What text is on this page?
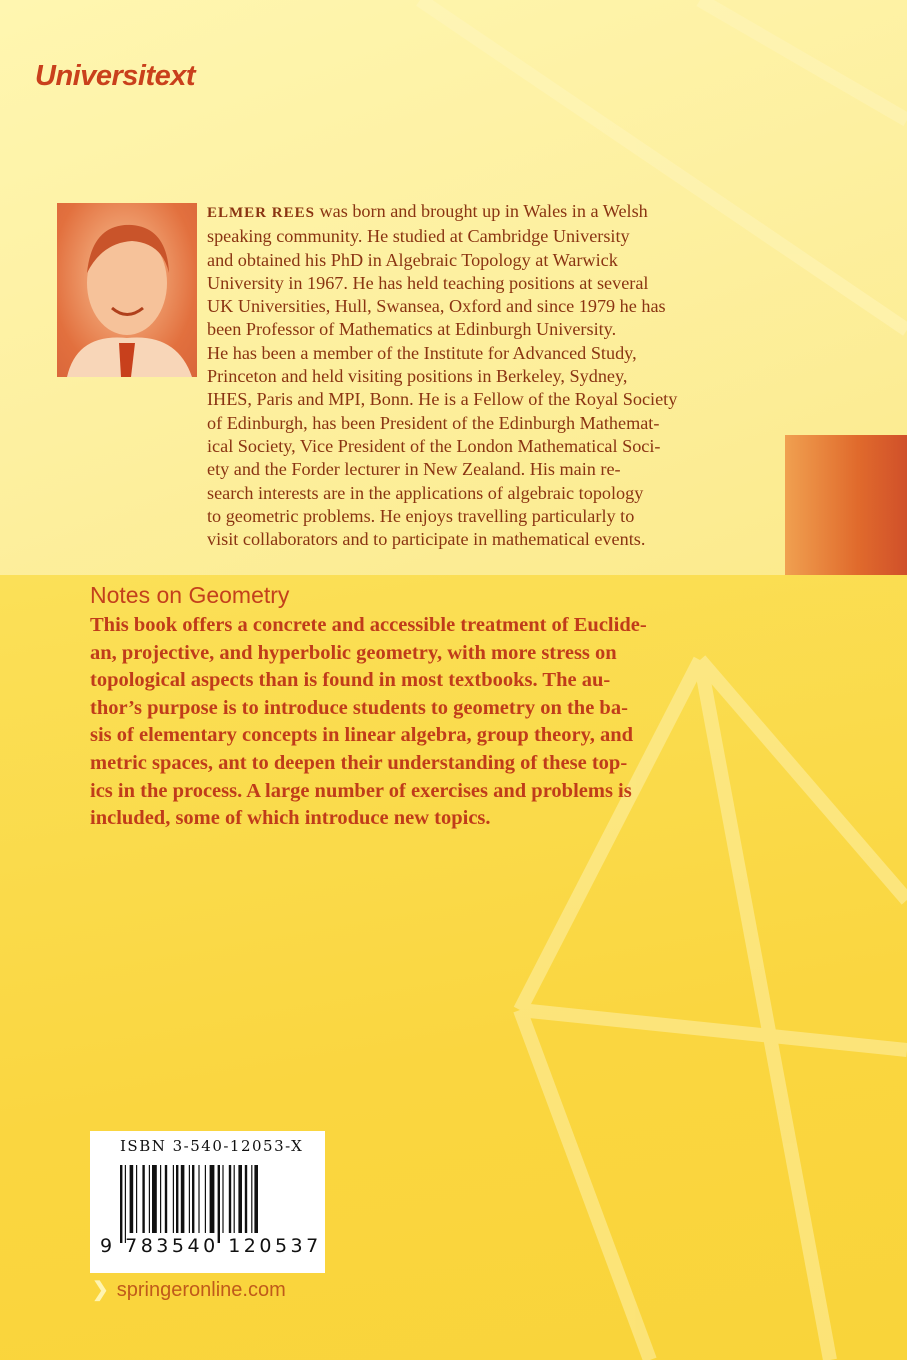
Universitext
ELMER REES was born and brought up in Wales in a Welsh
speaking community. He studied at Cambridge University
and obtained his PhD in Algebraic Topology at Warwick
University in 1967. He has held teaching positions at several
UK Universities, Hull, Swansea, Oxford and since 1979 he has
been Professor of Mathematics at Edinburgh University.
He has been a member of the Institute for Advanced Study,
Princeton and held visiting positions in Berkeley, Sydney,
IHES, Paris and MPI, Bonn. He is a Fellow of the Royal Society
of Edinburgh, has been President of the Edinburgh Mathemat-
ical Society, Vice President of the London Mathematical Soci-
ety and the Forder lecturer in New Zealand. His main re-
search interests are in the applications of algebraic topology
to geometric problems. He enjoys travelling particularly to
visit collaborators and to participate in mathematical events.
Notes on Geometry
This book offers a concrete and accessible treatment of Euclide-
an, projective, and hyperbolic geometry, with more stress on
topological aspects than is found in most textbooks. The au-
thor’s purpose is to introduce students to geometry on the ba-
sis of elementary concepts in linear algebra, group theory, and
metric spaces, ant to deepen their understanding of these top-
ics in the process. A large number of exercises and problems is
included, some of which introduce new topics.
ISBN 3-540-12053-X
9 783540 120537
❯ springeronline.com
